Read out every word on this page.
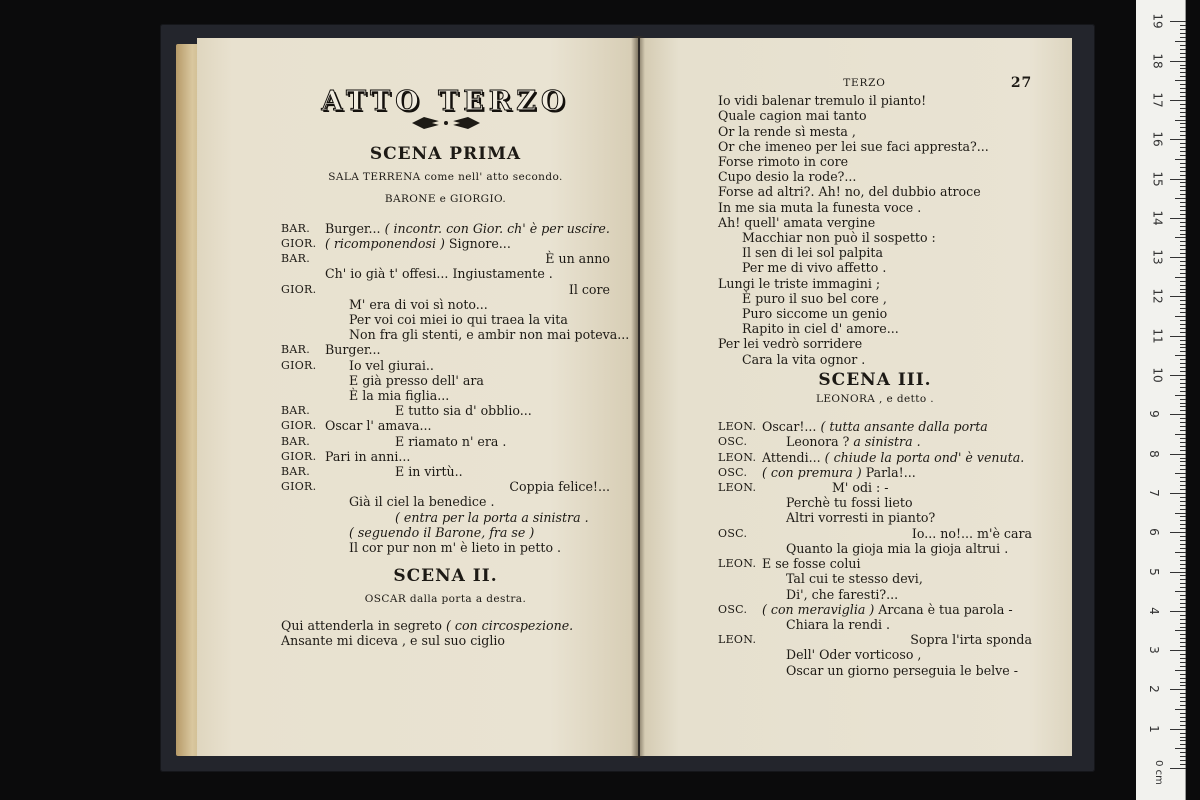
ATTO TERZO
SCENA PRIMA
SALA TERRENA come nell' atto secondo.
BARONE e GIORGIO.
BAR.	Burger... ( incontr. con Gior. ch' è per uscire.
GIOR. ( ricomponendosi ) Signore...
BAR.	È un anno
Ch' io già t' offesi... Ingiustamente .
GIOR.	Il core
M' era di voi sì noto...
Per voi coi miei io qui traea la vita
Non fra gli stenti, e ambir non mai poteva...
BAR.	Burger...
GIOR.	Io vel giurai..
E già presso dell' ara
È la mia figlia...
BAR.	E tutto sia d' obblio...
GIOR. Oscar l' amava...
BAR.	E riamato n' era .
GIOR. Pari in anni...
BAR.	E in virtù..
GIOR.	Coppia felice!...
Già il ciel la benedice .
( entra per la porta a sinistra .
( seguendo il Barone, fra se )
Il cor pur non m' è lieto in petto .
SCENA II.
OSCAR dalla porta a destra.
Qui attenderla in segreto ( con circospezione.
Ansante mi diceva , e sul suo ciglio
TERZO	27
Io vidi balenar tremulo il pianto!
Quale cagion mai tanto
Or la rende sì mesta ,
Or che imeneo per lei sue faci appresta?...
Forse rimoto in core
Cupo desio la rode?...
Forse ad altri?. Ah! no, del dubbio atroce
In me sia muta la funesta voce .
Ah! quell' amata vergine
Macchiar non può il sospetto :
Il sen di lei sol palpita
Per me di vivo affetto .
Lungi le triste immagini ;
È puro il suo bel core ,
Puro siccome un genio
Rapito in ciel d' amore...
Per lei vedrò sorridere
Cara la vita ognor .
SCENA III.
LEONORA , e detto .
LEON. Oscar!... ( tutta ansante dalla porta
OSC.	Leonora ? a sinistra .
LEON. Attendi... ( chiude la porta ond' è venuta.
OSC.	( con premura ) Parla!...
LEON.	M' odi : -
Perchè tu fossi lieto
Altri vorresti in pianto?
OSC.	Io... no!... m'è cara
Quanto la gioja mia la gioja altrui .
LEON. E se fosse colui
Tal cui te stesso devi,
Di', che faresti?...
OSC.	( con meraviglia ) Arcana è tua parola -
Chiara la rendi .
LEON.	Sopra l'irta sponda
Dell' Oder vorticoso ,
Oscar un giorno perseguia le belve -
0 cm
1
2
3
4
5
6
7
8
9
10
11
12
13
14
15
16
17
18
19
